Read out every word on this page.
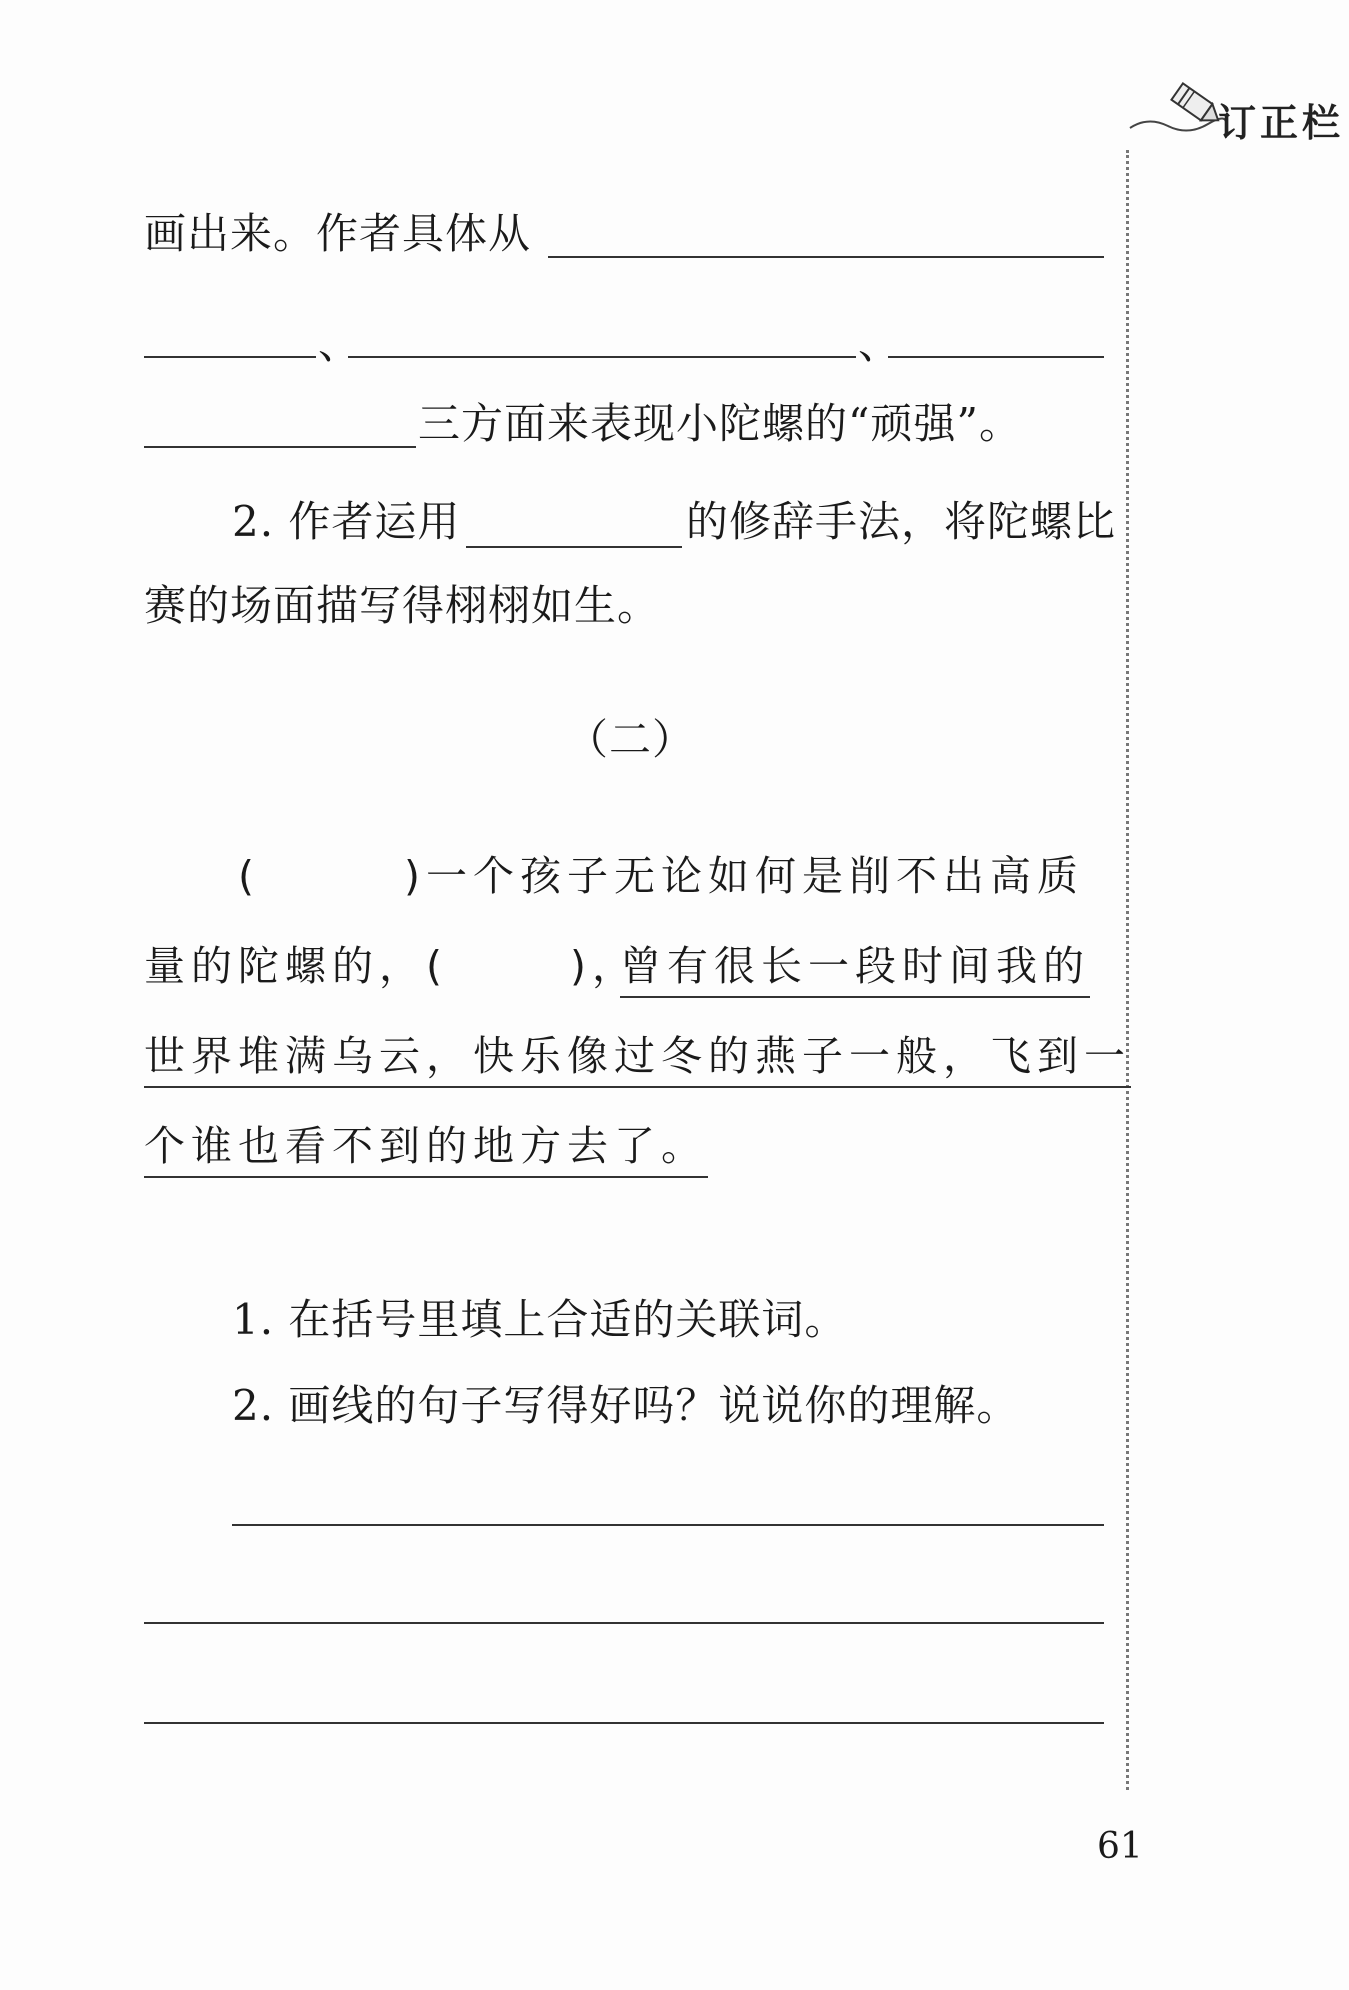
订正栏
画出来。作者具体从
、	、
三方面来表现小陀螺的“顽强”。
2. 作者运用	的修辞手法，将陀螺比
赛的场面描写得栩栩如生。
（二）
(	)一个孩子无论如何是削不出高质
量的陀螺的，(	)，
曾有很长一段时间我的
世界堆满乌云，快乐像过冬的燕子一般，飞到一
个谁也看不到的地方去了。
1. 在括号里填上合适的关联词。
2. 画线的句子写得好吗？说说你的理解。
61
